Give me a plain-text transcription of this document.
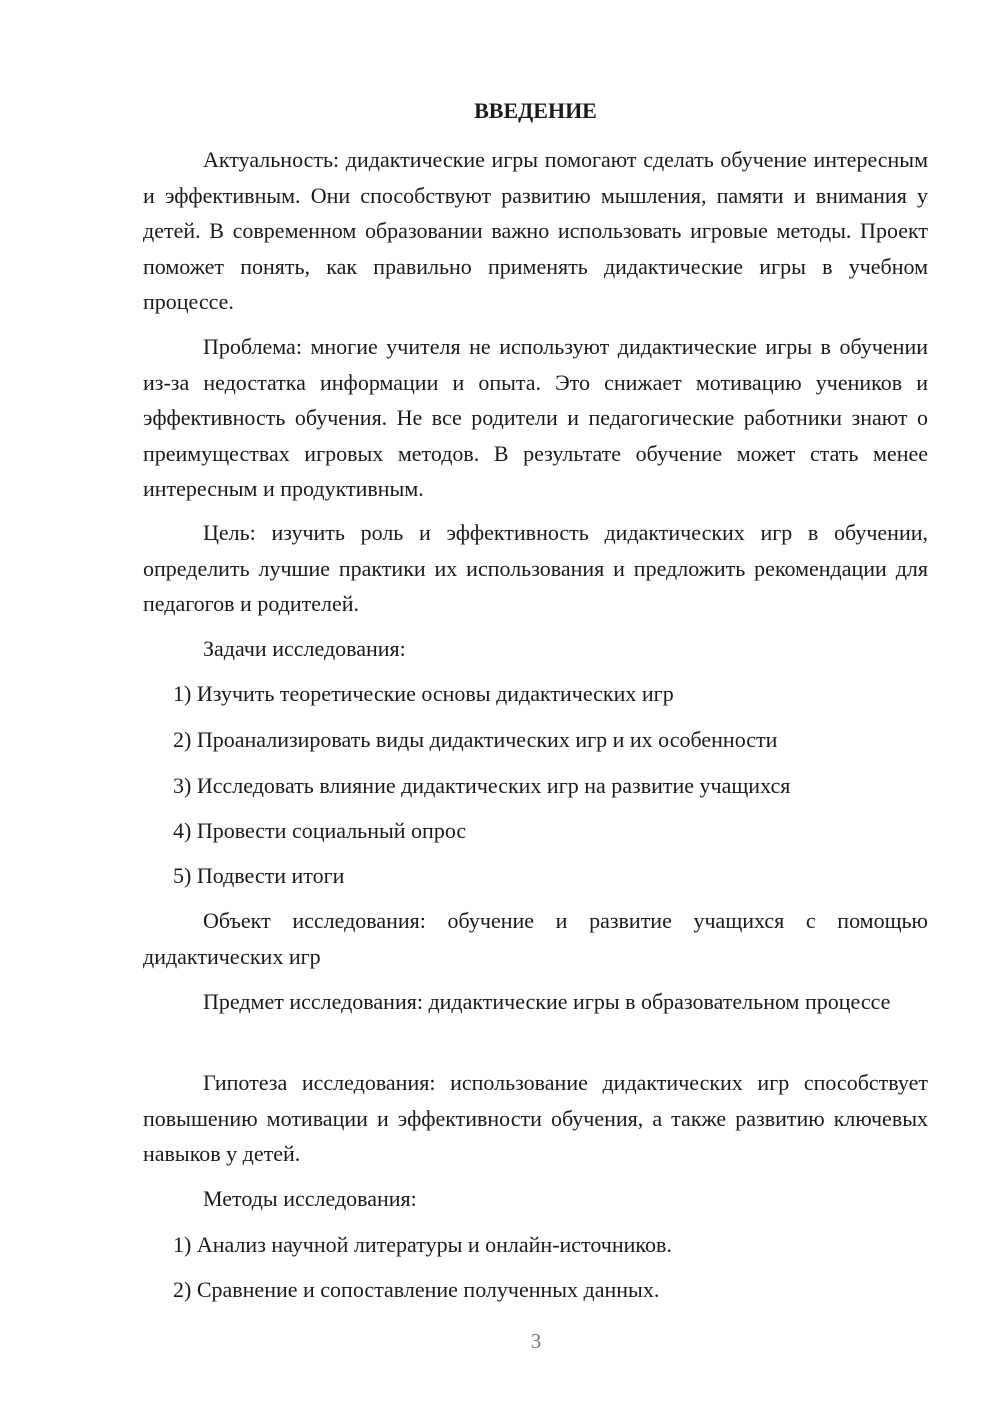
ВВЕДЕНИЕ

Актуальность: дидактические игры помогают сделать обучение интересным и эффективным. Они способствуют развитию мышления, памяти и внимания у детей. В современном образовании важно использовать игровые методы. Проект поможет понять, как правильно применять дидактические игры в учебном процессе.

Проблема: многие учителя не используют дидактические игры в обучении из-за недостатка информации и опыта. Это снижает мотивацию учеников и эффективность обучения. Не все родители и педагогические работники знают о преимуществах игровых методов. В результате обучение может стать менее интересным и продуктивным.

Цель: изучить роль и эффективность дидактических игр в обучении, определить лучшие практики их использования и предложить рекомендации для педагогов и родителей.

Задачи исследования:

1) Изучить теоретические основы дидактических игр

2) Проанализировать виды дидактических игр и их особенности

3) Исследовать влияние дидактических игр на развитие учащихся

4) Провести социальный опрос

5) Подвести итоги

Объект исследования: обучение и развитие учащихся с помощью дидактических игр

Предмет исследования: дидактические игры в образовательном процессе

Гипотеза исследования: использование дидактических игр способствует повышению мотивации и эффективности обучения, а также развитию ключевых навыков у детей.

Методы исследования:

1) Анализ научной литературы и онлайн-источников.

2) Сравнение и сопоставление полученных данных.

3
